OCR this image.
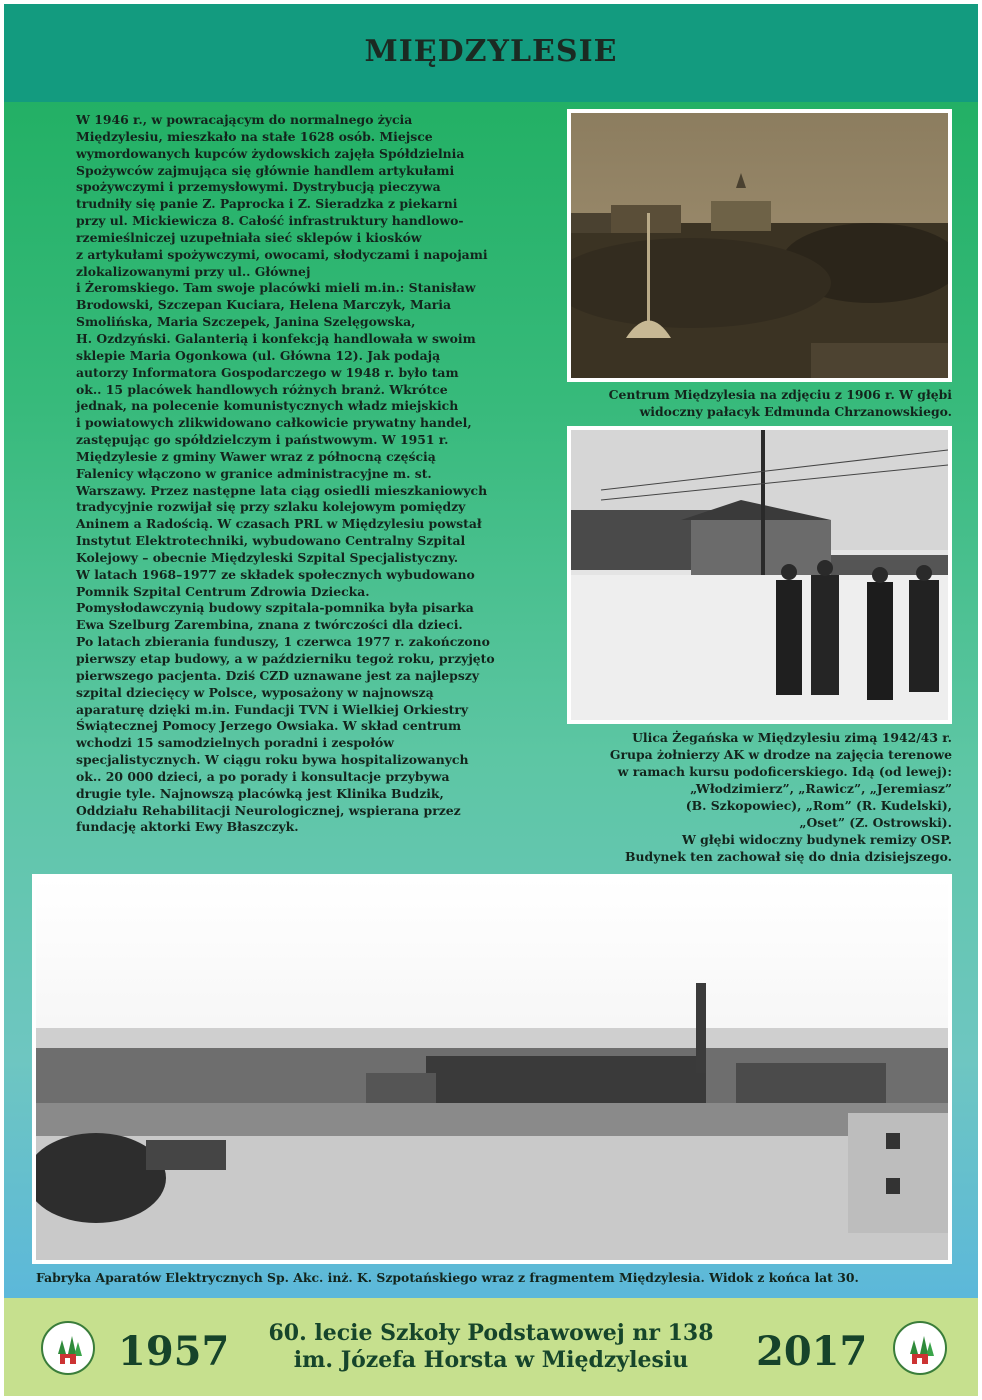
MIĘDZYLESIE

W 1946 r., w powracającym do normalnego życia
Międzylesiu, mieszkało na stałe 1628 osób. Miejsce
wymordowanych kupców żydowskich zajęła Spółdzielnia
Spożywców zajmująca się głównie handlem artykułami
spożywczymi i przemysłowymi. Dystrybucją pieczywa
trudniły się panie Z. Paprocka i Z. Sieradzka z piekarni
przy ul. Mickiewicza 8. Całość infrastruktury handlowo-
rzemieślniczej uzupełniała sieć sklepów i kiosków
z artykułami spożywczymi, owocami, słodyczami i napojami
zlokalizowanymi przy ul.. Głównej
i Żeromskiego. Tam swoje placówki mieli m.in.: Stanisław
Brodowski, Szczepan Kuciara, Helena Marczyk, Maria
Smolińska, Maria Szczepek, Janina Szelęgowska,
H. Ozdzyński. Galanterią i konfekcją handlowała w swoim
sklepie Maria Ogonkowa (ul. Główna 12). Jak podają
autorzy Informatora Gospodarczego w 1948 r. było tam
ok.. 15 placówek handlowych różnych branż. Wkrótce
jednak, na polecenie komunistycznych władz miejskich
i powiatowych zlikwidowano całkowicie prywatny handel,
zastępując go spółdzielczym i państwowym. W 1951 r.
Międzylesie z gminy Wawer wraz z północną częścią
Falenicy włączono w granice administracyjne m. st.
Warszawy. Przez następne lata ciąg osiedli mieszkaniowych
tradycyjnie rozwijał się przy szlaku kolejowym pomiędzy
Aninem a Radością. W czasach PRL w Międzylesiu powstał
Instytut Elektrotechniki, wybudowano Centralny Szpital
Kolejowy – obecnie Międzyleski Szpital Specjalistyczny.
W latach 1968–1977 ze składek społecznych wybudowano
Pomnik Szpital Centrum Zdrowia Dziecka.
Pomysłodawczynią budowy szpitala-pomnika była pisarka
Ewa Szelburg Zarembina, znana z twórczości dla dzieci.
Po latach zbierania funduszy, 1 czerwca 1977 r. zakończono
pierwszy etap budowy, a w październiku tegoż roku, przyjęto
pierwszego pacjenta. Dziś CZD uznawane jest za najlepszy
szpital dziecięcy w Polsce, wyposażony w najnowszą
aparaturę dzięki m.in. Fundacji TVN i Wielkiej Orkiestry
Świątecznej Pomocy Jerzego Owsiaka. W skład centrum
wchodzi 15 samodzielnych poradni i zespołów
specjalistycznych. W ciągu roku bywa hospitalizowanych
ok.. 20 000 dzieci, a po porady i konsultacje przybywa
drugie tyle. Najnowszą placówką jest Klinika Budzik,
Oddziału Rehabilitacji Neurologicznej, wspierana przez
fundację aktorki Ewy Błaszczyk.

Centrum Międzylesia na zdjęciu z 1906 r. W głębi
widoczny pałacyk Edmunda Chrzanowskiego.

Ulica Żegańska w Międzylesiu zimą 1942/43 r.
Grupa żołnierzy AK w drodze na zajęcia terenowe
w ramach kursu podoficerskiego. Idą (od lewej):
„Włodzimierz”, „Rawicz”, „Jeremiasz”
(B. Szkopowiec), „Rom” (R. Kudelski),
„Oset” (Z. Ostrowski).
W głębi widoczny budynek remizy OSP.
Budynek ten zachował się do dnia dzisiejszego.

Fabryka Aparatów Elektrycznych Sp. Akc. inż. K. Szpotańskiego wraz z fragmentem Międzylesia. Widok z końca lat 30.
1957	60. lecie Szkoły Podstawowej nr 138
im. Józefa Horsta w Międzylesiu	2017
